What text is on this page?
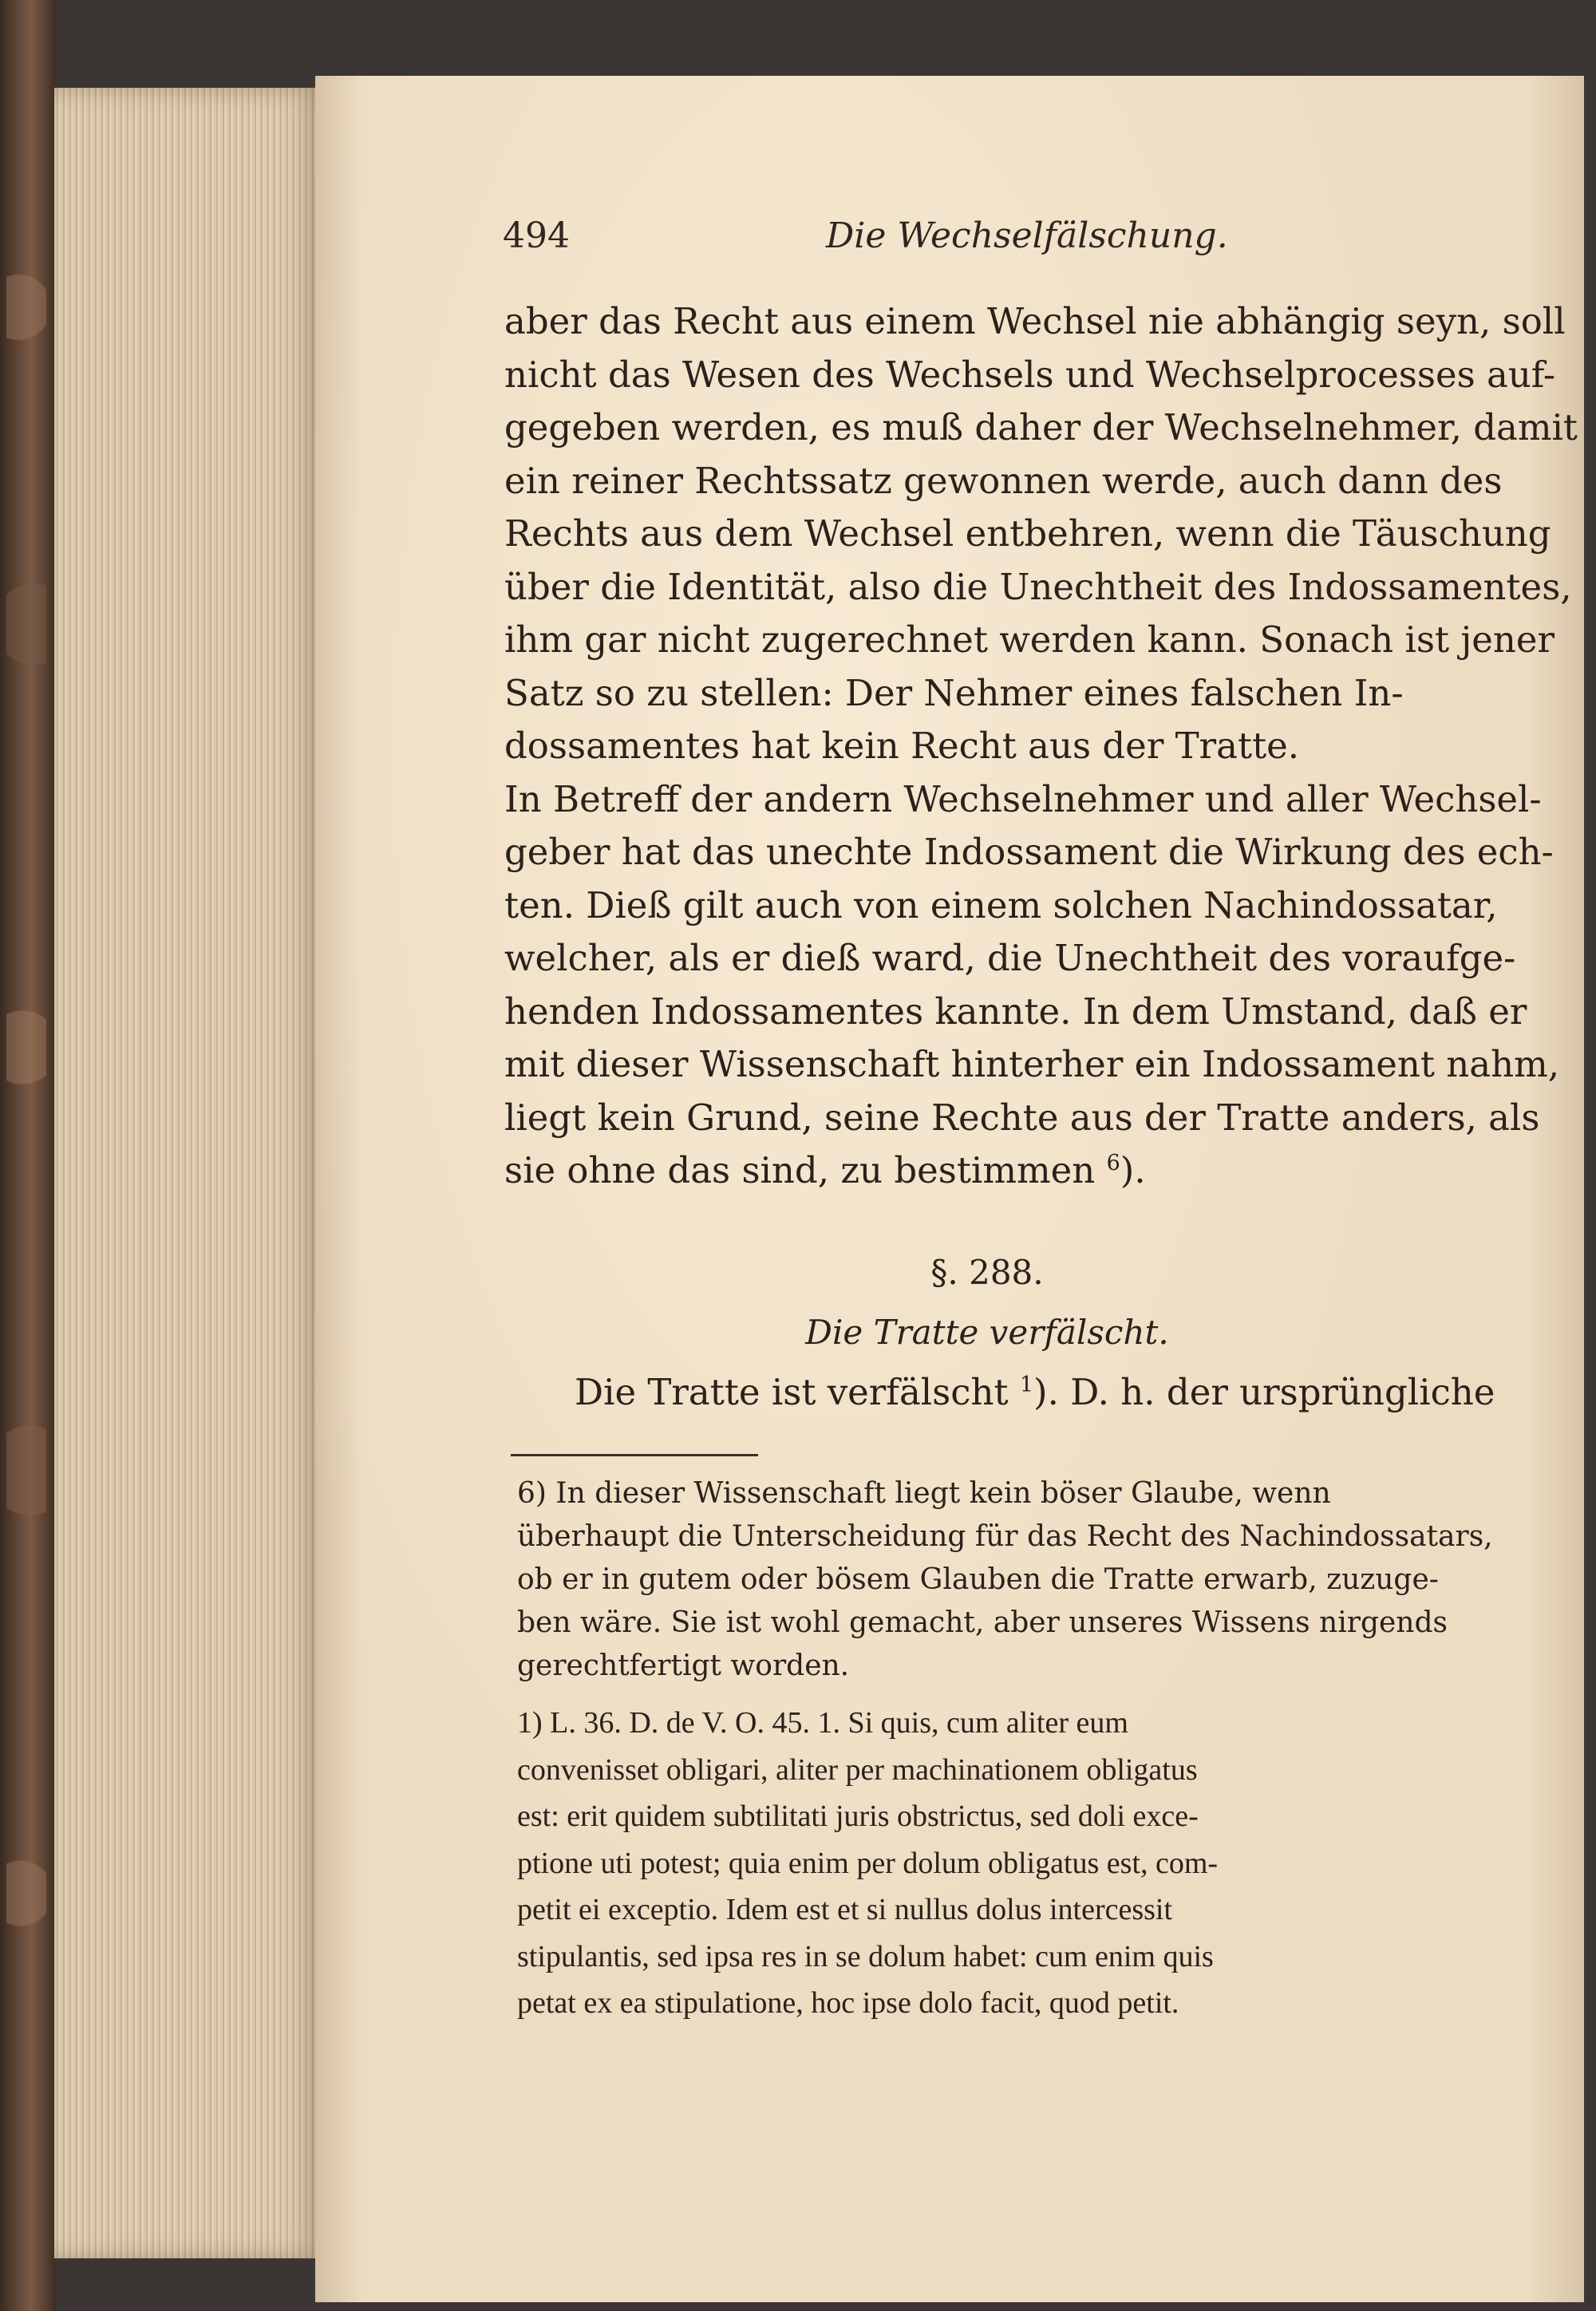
494	Die Wechselfälschung.
aber das Recht aus einem Wechsel nie abhängig seyn, soll
nicht das Wesen des Wechsels und Wechselprocesses auf-
gegeben werden, es muß daher der Wechselnehmer, damit
ein reiner Rechtssatz gewonnen werde, auch dann des
Rechts aus dem Wechsel entbehren, wenn die Täuschung
über die Identität, also die Unechtheit des Indossamentes,
ihm gar nicht zugerechnet werden kann. Sonach ist jener
Satz so zu stellen: Der Nehmer eines falschen In-
dossamentes hat kein Recht aus der Tratte.
In Betreff der andern Wechselnehmer und aller Wechsel-
geber hat das unechte Indossament die Wirkung des ech-
ten. Dieß gilt auch von einem solchen Nachindossatar,
welcher, als er dieß ward, die Unechtheit des voraufge-
henden Indossamentes kannte. In dem Umstand, daß er
mit dieser Wissenschaft hinterher ein Indossament nahm,
liegt kein Grund, seine Rechte aus der Tratte anders, als
sie ohne das sind, zu bestimmen $^6$).
§. 288.
Die Tratte verfälscht.
Die Tratte ist verfälscht $^1$). D. h. der ursprüngliche
6) In dieser Wissenschaft liegt kein böser Glaube, wenn
überhaupt die Unterscheidung für das Recht des Nachindossatars,
ob er in gutem oder bösem Glauben die Tratte erwarb, zuzuge-
ben wäre. Sie ist wohl gemacht, aber unseres Wissens nirgends
gerechtfertigt worden.
1) L. 36. D. de V. O. 45. 1. Si quis, cum aliter eum
convenisset obligari, aliter per machinationem obligatus
est: erit quidem subtilitati juris obstrictus, sed doli exce-
ptione uti potest; quia enim per dolum obligatus est, com-
petit ei exceptio. Idem est et si nullus dolus intercessit
stipulantis, sed ipsa res in se dolum habet: cum enim quis
petat ex ea stipulatione, hoc ipse dolo facit, quod petit.
